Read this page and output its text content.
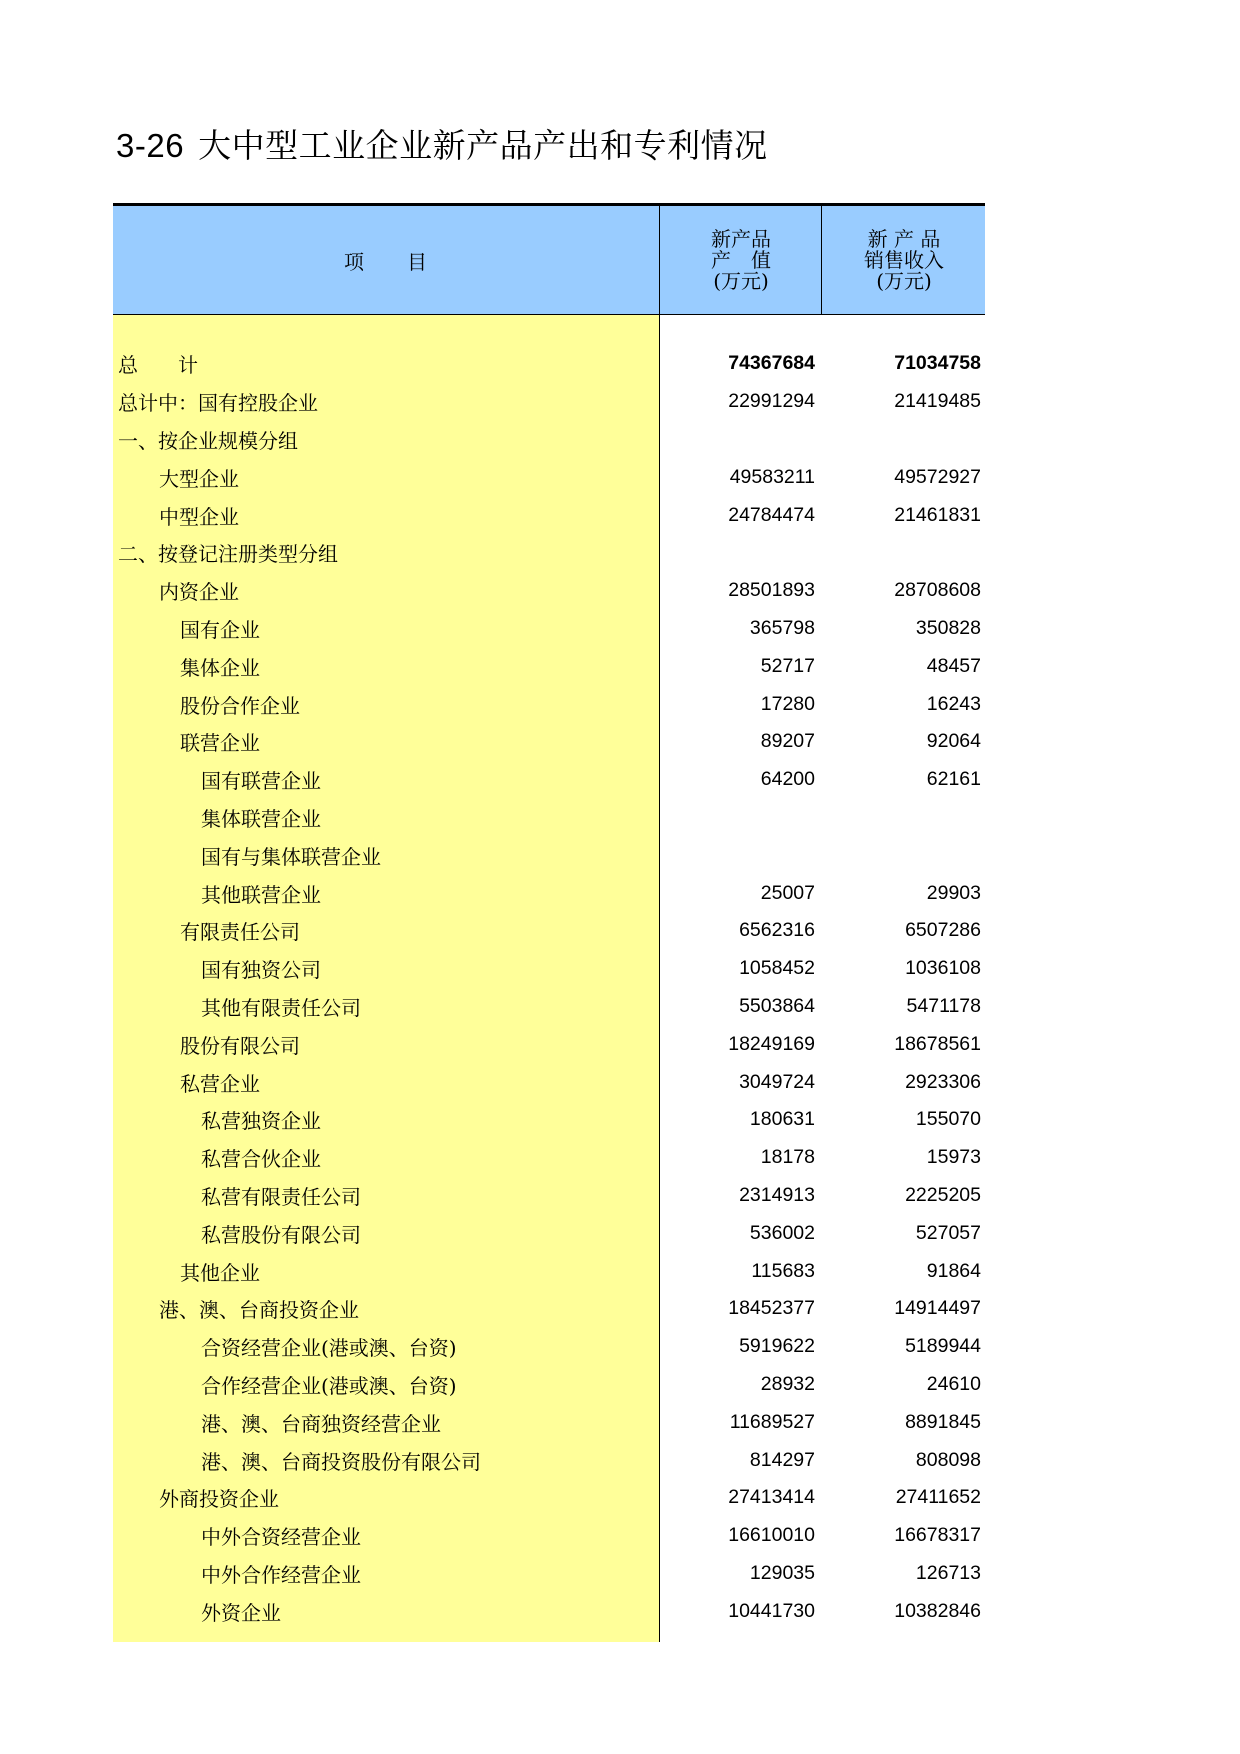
3-26 大中型工业企业新产品产出和专利情况
项　　目
新产品
产　值
(万元)
新 产 品
销售收入
(万元)
总　　计	74367684	71034758
总计中：国有控股企业	22991294	21419485
一、按企业规模分组
大型企业	49583211	49572927
中型企业	24784474	21461831
二、按登记注册类型分组
内资企业	28501893	28708608
国有企业	365798	350828
集体企业	52717	48457
股份合作企业	17280	16243
联营企业	89207	92064
国有联营企业	64200	62161
集体联营企业
国有与集体联营企业
其他联营企业	25007	29903
有限责任公司	6562316	6507286
国有独资公司	1058452	1036108
其他有限责任公司	5503864	5471178
股份有限公司	18249169	18678561
私营企业	3049724	2923306
私营独资企业	180631	155070
私营合伙企业	18178	15973
私营有限责任公司	2314913	2225205
私营股份有限公司	536002	527057
其他企业	115683	91864
港、澳、台商投资企业	18452377	14914497
合资经营企业(港或澳、台资)	5919622	5189944
合作经营企业(港或澳、台资)	28932	24610
港、澳、台商独资经营企业	11689527	8891845
港、澳、台商投资股份有限公司	814297	808098
外商投资企业	27413414	27411652
中外合资经营企业	16610010	16678317
中外合作经营企业	129035	126713
外资企业	10441730	10382846
